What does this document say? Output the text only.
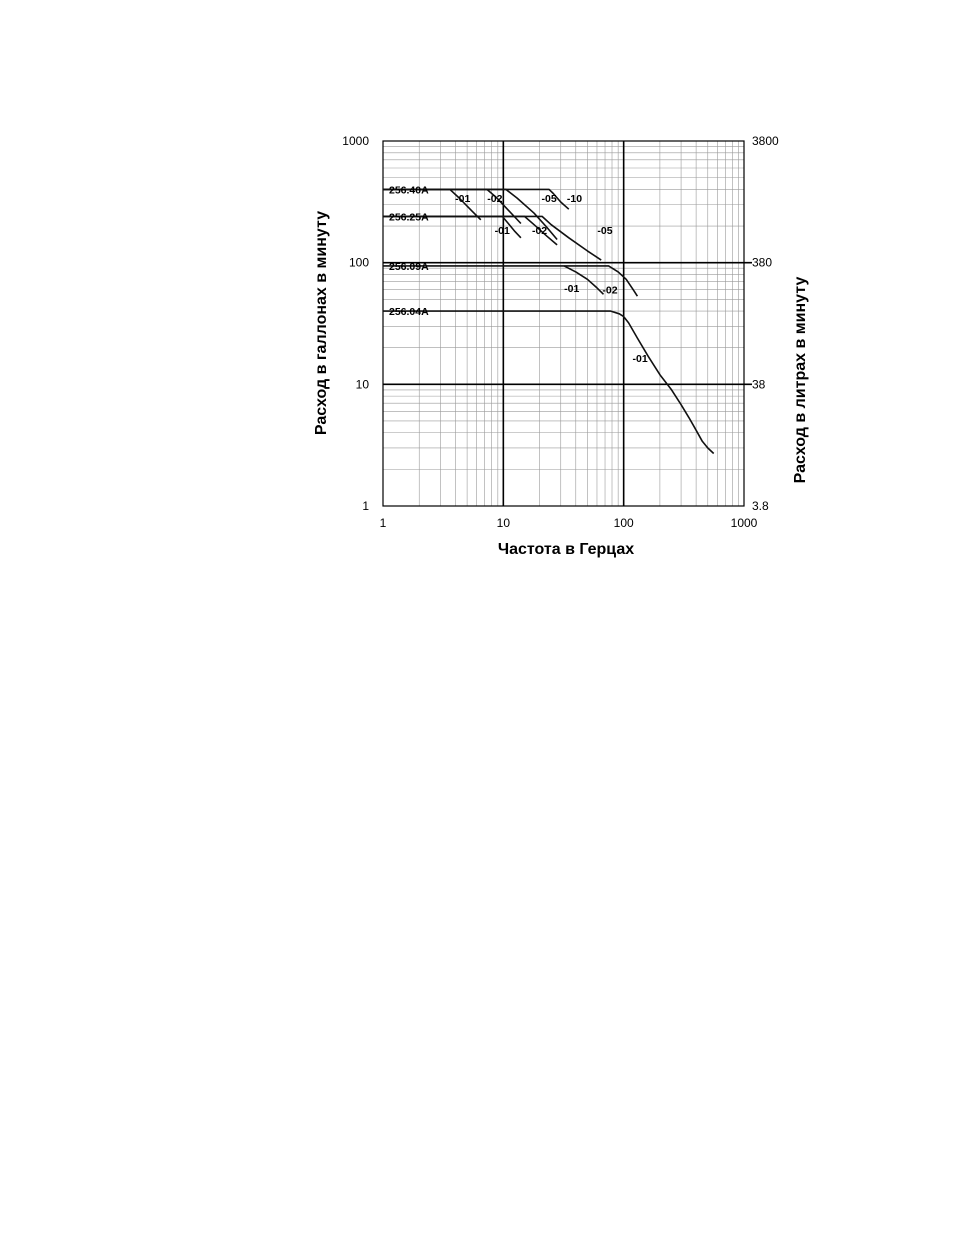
256.40A
256.25A
256.09A
256.04A
-01 -02	-05 -10
-01 -02	-05
-01 -02
-01
1	10	100	1000
1
10
100
1000
3.8
38
380
3800
Частота в Герцах
Расход в галлонах в минуту	Расход в литрах в минуту
